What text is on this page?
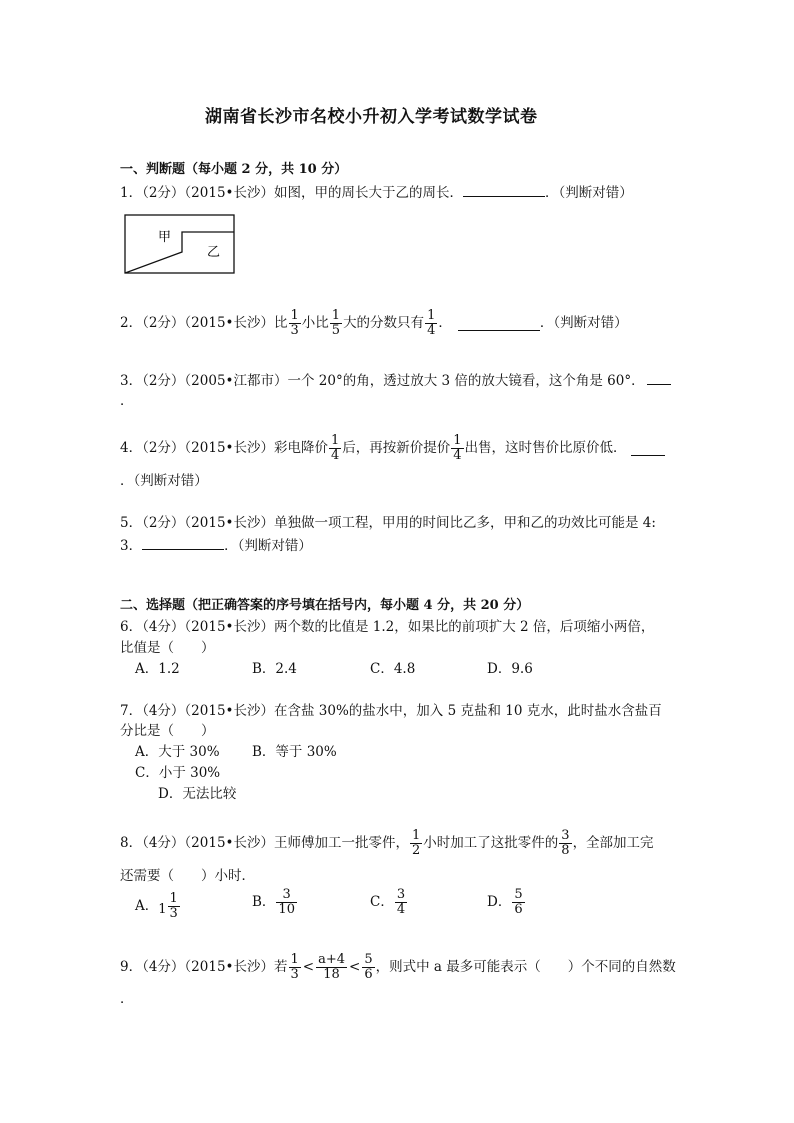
湖南省长沙市名校小升初入学考试数学试卷
一、判断题（每小题 2 分，共 10 分）
1．（2分）（2015•长沙）如图，甲的周长大于乙的周长．	．（判断对错）
甲
乙
2．（2分）（2015•长沙）比 $\frac{1}{3}$ 小比 $\frac{1}{5}$ 大的分数只有 $\frac{1}{4}$ ．	．（判断对错）
3．（2分）（2005•江都市）一个 20°的角，透过放大 3 倍的放大镜看，这个角是 60°．
．
4．（2分）（2015•长沙）彩电降价 $\frac{1}{4}$ 后，再按新价提价 $\frac{1}{4}$ 出售，这时售价比原价低．
．（判断对错）
5．（2分）（2015•长沙）单独做一项工程，甲用的时间比乙多，甲和乙的功效比可能是 4:
3．	．（判断对错）
二、选择题（把正确答案的序号填在括号内，每小题 4 分，共 20 分）
6．（4分）（2015•长沙）两个数的比值是 1.2，如果比的前项扩大 2 倍，后项缩小两倍，
比值是（　　）
A．1.2	B．2.4	C．4.8	D．9.6
7．（4分）（2015•长沙）在含盐 30%的盐水中，加入 5 克盐和 10 克水，此时盐水含盐百
分比是（　　）
A．大于 30% B．等于 30%
C．小于 30%
D．无法比较
8．（4分）（2015•长沙）王师傅加工一批零件， $\frac{1}{2}$ 小时加工了这批零件的 $\frac{3}{8}$ ，全部加工完
还需要（　　）小时．
A． $1 \frac{1}{3}$	B． $\frac{3}{10}$	C． $\frac{3}{4}$	D． $\frac{5}{6}$
9．（4分）（2015•长沙）若 $\frac{1}{3} < \frac{a+4}{18} < \frac{5}{6}$ ，则式中 a 最多可能表示（　　）个不同的自然数
．
